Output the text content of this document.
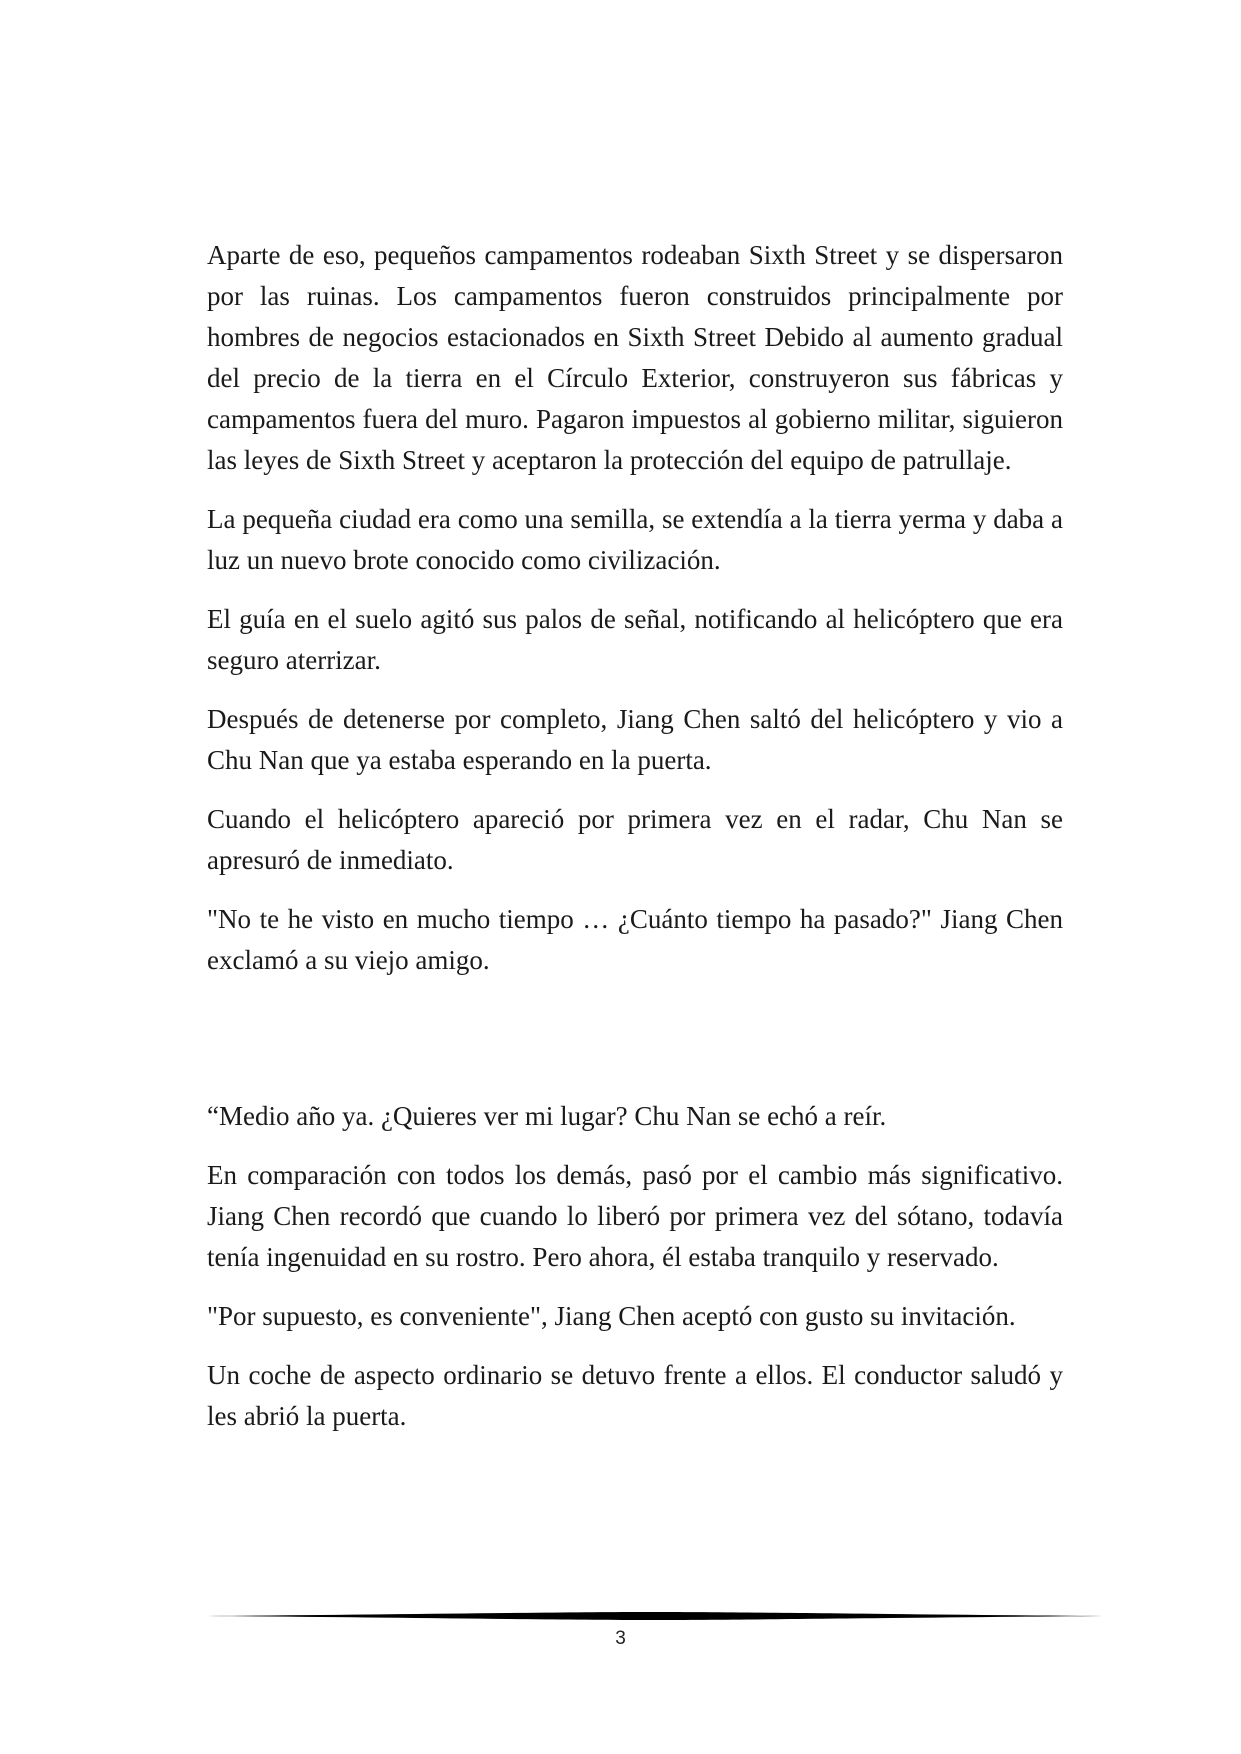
Aparte de eso, pequeños campamentos rodeaban Sixth Street y se dispersaron por las ruinas. Los campamentos fueron construidos principalmente por hombres de negocios estacionados en Sixth Street Debido al aumento gradual del precio de la tierra en el Círculo Exterior, construyeron sus fábricas y campamentos fuera del muro. Pagaron impuestos al gobierno militar, siguieron las leyes de Sixth Street y aceptaron la protección del equipo de patrullaje.

La pequeña ciudad era como una semilla, se extendía a la tierra yerma y daba a luz un nuevo brote conocido como civilización.

El guía en el suelo agitó sus palos de señal, notificando al helicóptero que era seguro aterrizar.

Después de detenerse por completo, Jiang Chen saltó del helicóptero y vio a Chu Nan que ya estaba esperando en la puerta.

Cuando el helicóptero apareció por primera vez en el radar, Chu Nan se apresuró de inmediato.

"No te he visto en mucho tiempo … ¿Cuánto tiempo ha pasado?" Jiang Chen exclamó a su viejo amigo.

“Medio año ya. ¿Quieres ver mi lugar? Chu Nan se echó a reír.

En comparación con todos los demás, pasó por el cambio más significativo. Jiang Chen recordó que cuando lo liberó por primera vez del sótano, todavía tenía ingenuidad en su rostro. Pero ahora, él estaba tranquilo y reservado.

"Por supuesto, es conveniente", Jiang Chen aceptó con gusto su invitación.

Un coche de aspecto ordinario se detuvo frente a ellos. El conductor saludó y les abrió la puerta.

3
